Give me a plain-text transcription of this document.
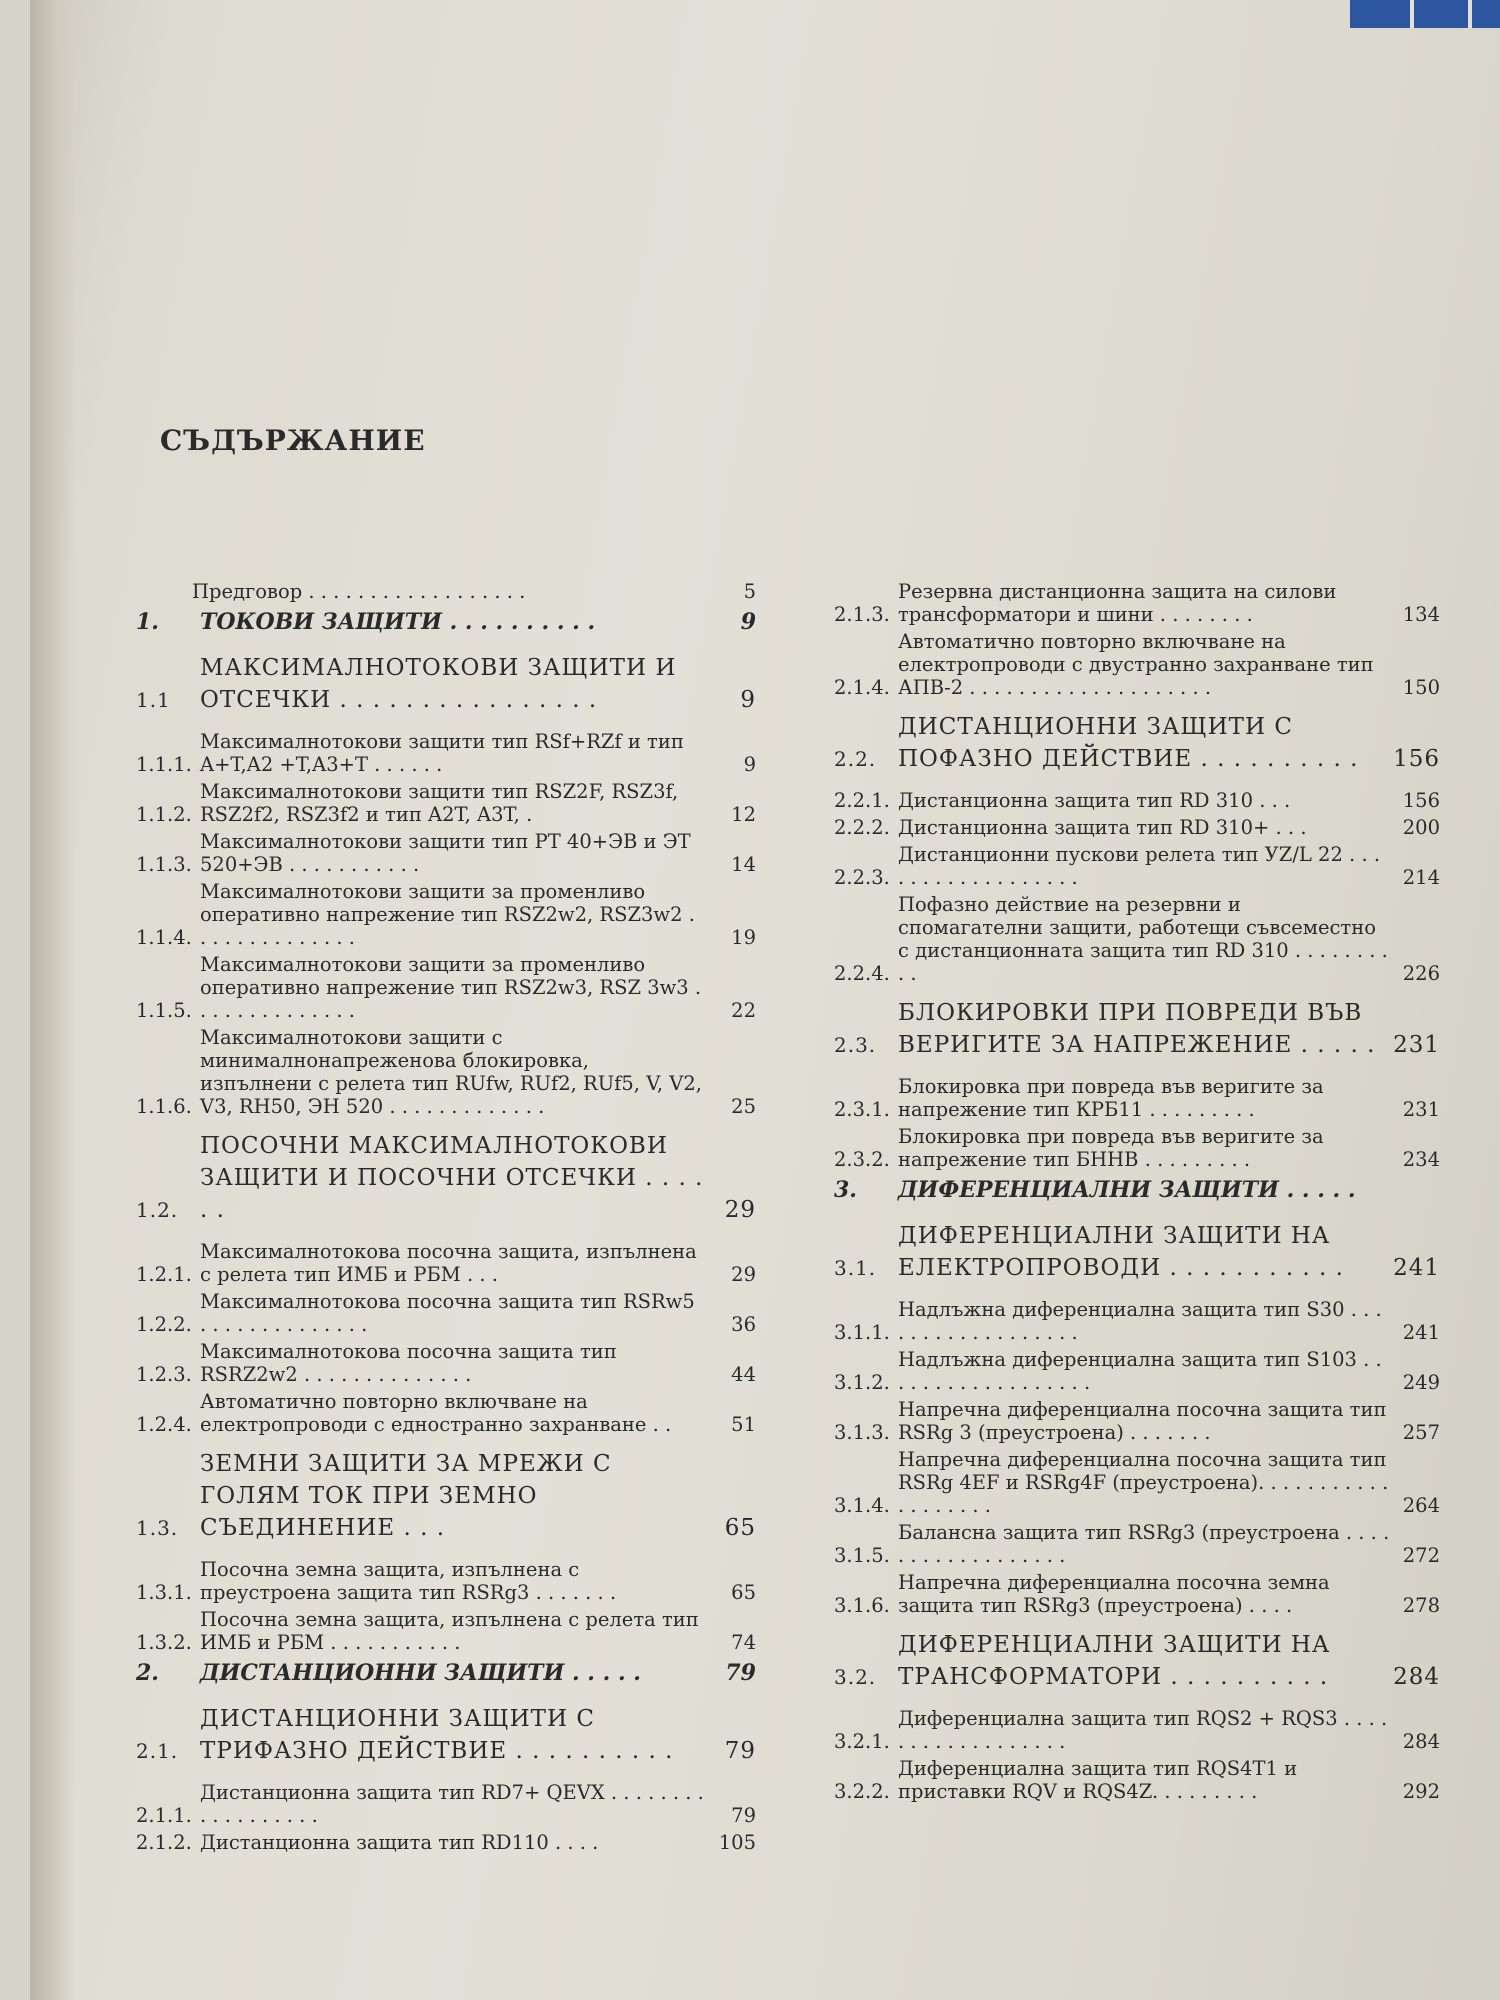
СЪДЪРЖАНИЕ
Предговор . . . . . . . . . . . . . . . . . .	5
1.	ТОКОВИ ЗАЩИТИ . . . . . . . . . .	9
1.1
МАКСИМАЛНОТОКОВИ ЗАЩИТИ И ОТСЕЧКИ . . . . . . . . . . . . . . . .	9
1.1.1.
Максималнотокови защити тип RSf+RZf и тип A+T,A2 +T,A3+T . . . . . .	9
1.1.2.
Максималнотокови защити тип RSZ2F, RSZ3f, RSZ2f2, RSZ3f2 и тип A2T, A3T, .	12
1.1.3.
Максималнотокови защити тип РТ 40+ЭВ и ЭТ 520+ЭВ . . . . . . . . . . .	14
1.1.4.
Максималнотокови защити за променливо оперативно напрежение тип RSZ2w2, RSZ3w2 . . . . . . . . . . . . . .	19
1.1.5.
Максималнотокови защити за променливо оперативно напрежение тип RSZ2w3, RSZ 3w3 . . . . . . . . . . . . . .	22
1.1.6.
Максималнотокови защити с минималнонапреженова блокировка, изпълнени с релета тип RUfw, RUf2, RUf5, V, V2, V3, RH50, ЭН 520 . . . . . . . . . . . . .	25
1.2.
ПОСОЧНИ МАКСИМАЛНОТОКОВИ ЗАЩИТИ И ПОСОЧНИ ОТСЕЧКИ . . . . . .	29
1.2.1.
Максималнотокова посочна защита, изпълнена с релета тип ИМБ и РБМ . . .	29
1.2.2.
Максималнотокова посочна защита тип RSRw5 . . . . . . . . . . . . . .	36
1.2.3.
Максималнотокова посочна защита тип RSRZ2w2 . . . . . . . . . . . . . .	44
1.2.4.
Автоматично повторно включване на електропроводи с едностранно захранване . .	51
1.3.
ЗЕМНИ ЗАЩИТИ ЗА МРЕЖИ С ГОЛЯМ ТОК ПРИ ЗЕМНО СЪЕДИНЕНИЕ . . .	65
1.3.1.
Посочна земна защита, изпълнена с преустроена защита тип RSRg3 . . . . . . .	65
1.3.2.
Посочна земна защита, изпълнена с релета тип ИМБ и РБМ . . . . . . . . . . .	74
2.	ДИСТАНЦИОННИ ЗАЩИТИ . . . . .	79
2.1.
ДИСТАНЦИОННИ ЗАЩИТИ С ТРИФАЗНО ДЕЙСТВИЕ . . . . . . . . . .	79
2.1.1.
Дистанционна защита тип RD7+ QEVX . . . . . . . . . . . . . . . . . .	79
2.1.2. Дистанционна защита тип RD110 . . . .	105
2.1.3.
Резервна дистанционна защита на силови трансформатори и шини . . . . . . . .	134
2.1.4.
Автоматично повторно включване на електропроводи с двустранно захранване тип АПВ-2 . . . . . . . . . . . . . . . . . . . .	150
2.2.
ДИСТАНЦИОННИ ЗАЩИТИ С ПОФАЗНО ДЕЙСТВИЕ . . . . . . . . . .	156
2.2.1. Дистанционна защита тип RD 310 . . .	156
2.2.2. Дистанционна защита тип RD 310+ . . .	200
2.2.3.
Дистанционни пускови релета тип УZ/L 22 . . . . . . . . . . . . . . . . . .	214
2.2.4.
Пофазно действие на резервни и спомагателни защити, работещи съвсеместно с дистанционната защита тип RD 310 . . . . . . . . . .	226
2.3.
БЛОКИРОВКИ ПРИ ПОВРЕДИ ВЪВ ВЕРИГИТЕ ЗА НАПРЕЖЕНИЕ . . . . . 231
2.3.1.
Блокировка при повреда във веригите за напрежение тип КРБ11 . . . . . . . . .	231
2.3.2.
Блокировка при повреда във веригите за напрежение тип БННВ . . . . . . . . .	234
3.	ДИФЕРЕНЦИАЛНИ ЗАЩИТИ . . . . .
3.1.
ДИФЕРЕНЦИАЛНИ ЗАЩИТИ НА ЕЛЕКТРОПРОВОДИ . . . . . . . . . . .	241
3.1.1.
Надлъжна диференциална защита тип S30 . . . . . . . . . . . . . . . . . .	241
3.1.2.
Надлъжна диференциална защита тип S103 . . . . . . . . . . . . . . . . . .	249
3.1.3.
Напречна диференциална посочна защита тип RSRg 3 (преустроена) . . . . . . .	257
3.1.4.
Напречна диференциална посочна защита тип RSRg 4EF и RSRg4F (преустроена). . . . . . . . . . . . . . . . . . .	264
3.1.5.
Балансна защита тип RSRg3 (преустроена . . . . . . . . . . . . . . . . . .	272
3.1.6.
Напречна диференциална посочна земна защита тип RSRg3 (преустроена) . . . .	278
3.2.
ДИФЕРЕНЦИАЛНИ ЗАЩИТИ НА ТРАНСФОРМАТОРИ . . . . . . . . . .	284
3.2.1.
Диференциална защита тип RQS2 + RQS3 . . . . . . . . . . . . . . . . . .	284
3.2.2.
Диференциална защита тип RQS4T1 и приставки RQV и RQS4Z. . . . . . . . .	292
